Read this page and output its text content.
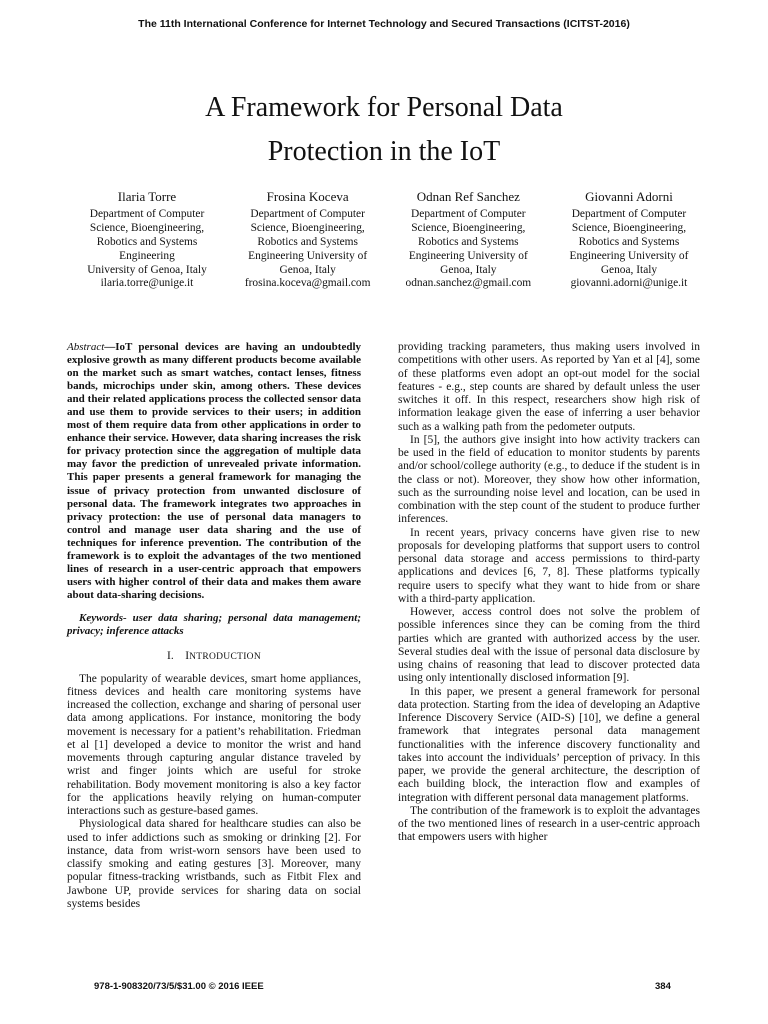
The 11th International Conference for Internet Technology and Secured Transactions (ICITST-2016)
A Framework for Personal Data
Protection in the IoT
Ilaria Torre
Department of Computer
Science, Bioengineering,
Robotics and Systems
Engineering
University of Genoa, Italy
ilaria.torre@unige.it
Frosina Koceva
Department of Computer
Science, Bioengineering,
Robotics and Systems
Engineering University of
Genoa, Italy
frosina.koceva@gmail.com
Odnan Ref Sanchez
Department of Computer
Science, Bioengineering,
Robotics and Systems
Engineering University of
Genoa, Italy
odnan.sanchez@gmail.com
Giovanni Adorni
Department of Computer
Science, Bioengineering,
Robotics and Systems
Engineering University of
Genoa, Italy
giovanni.adorni@unige.it

Abstract—IoT personal devices are having an undoubtedly explosive growth as many different products become available on the market such as smart watches, contact lenses, fitness bands, microchips under skin, among others. These devices and their related applications process the collected sensor data and use them to provide services to their users; in addition most of them require data from other applications in order to enhance their service. However, data sharing increases the risk for privacy protection since the aggregation of multiple data may favor the prediction of unrevealed private information. This paper presents a general framework for managing the issue of privacy protection from unwanted disclosure of personal data. The framework integrates two approaches in privacy protection: the use of personal data managers to control and manage user data sharing and the use of techniques for inference prevention. The contribution of the framework is to exploit the advantages of the two mentioned lines of research in a user-centric approach that empowers users with higher control of their data and makes them aware about data-sharing decisions.

Keywords- user data sharing; personal data management; privacy; inference attacks

I. INTRODUCTION

The popularity of wearable devices, smart home appliances, fitness devices and health care monitoring systems have increased the collection, exchange and sharing of personal user data among applications. For instance, monitoring the body movement is necessary for a patient’s rehabilitation. Friedman et al [1] developed a device to monitor the wrist and hand movements through capturing angular distance traveled by wrist and finger joints which are useful for stroke rehabilitation. Body movement monitoring is also a key factor for the applications heavily relying on human-computer interactions such as gesture-based games.

Physiological data shared for healthcare studies can also be used to infer addictions such as smoking or drinking [2]. For instance, data from wrist-worn sensors have been used to classify smoking and eating gestures [3]. Moreover, many popular fitness-tracking wristbands, such as Fitbit Flex and Jawbone UP, provide services for sharing data on social systems besides

providing tracking parameters, thus making users involved in competitions with other users. As reported by Yan et al [4], some of these platforms even adopt an opt-out model for the social features - e.g., step counts are shared by default unless the user switches it off. In this respect, researchers show high risk of information leakage given the ease of inferring a user behavior such as a walking path from the pedometer outputs.

In [5], the authors give insight into how activity trackers can be used in the field of education to monitor students by parents and/or school/college authority (e.g., to deduce if the student is in the class or not). Moreover, they show how other information, such as the surrounding noise level and location, can be used in combination with the step count of the student to produce further inferences.

In recent years, privacy concerns have given rise to new proposals for developing platforms that support users to control personal data storage and access permissions to third-party applications and devices [6, 7, 8]. These platforms typically require users to specify what they want to hide from or share with a third-party application.

However, access control does not solve the problem of possible inferences since they can be coming from the third parties which are granted with authorized access by the user. Several studies deal with the issue of personal data disclosure by using chains of reasoning that lead to discover protected data using only intentionally disclosed information [9].

In this paper, we present a general framework for personal data protection. Starting from the idea of developing an Adaptive Inference Discovery Service (AID-S) [10], we define a general framework that integrates personal data management functionalities with the inference discovery functionality and takes into account the individuals’ perception of privacy. In this paper, we provide the general architecture, the description of each building block, the interaction flow and examples of integration with different personal data management platforms.

The contribution of the framework is to exploit the advantages of the two mentioned lines of research in a user-centric approach that empowers users with higher

978-1-908320/73/5/$31.00 © 2016 IEEE	384
